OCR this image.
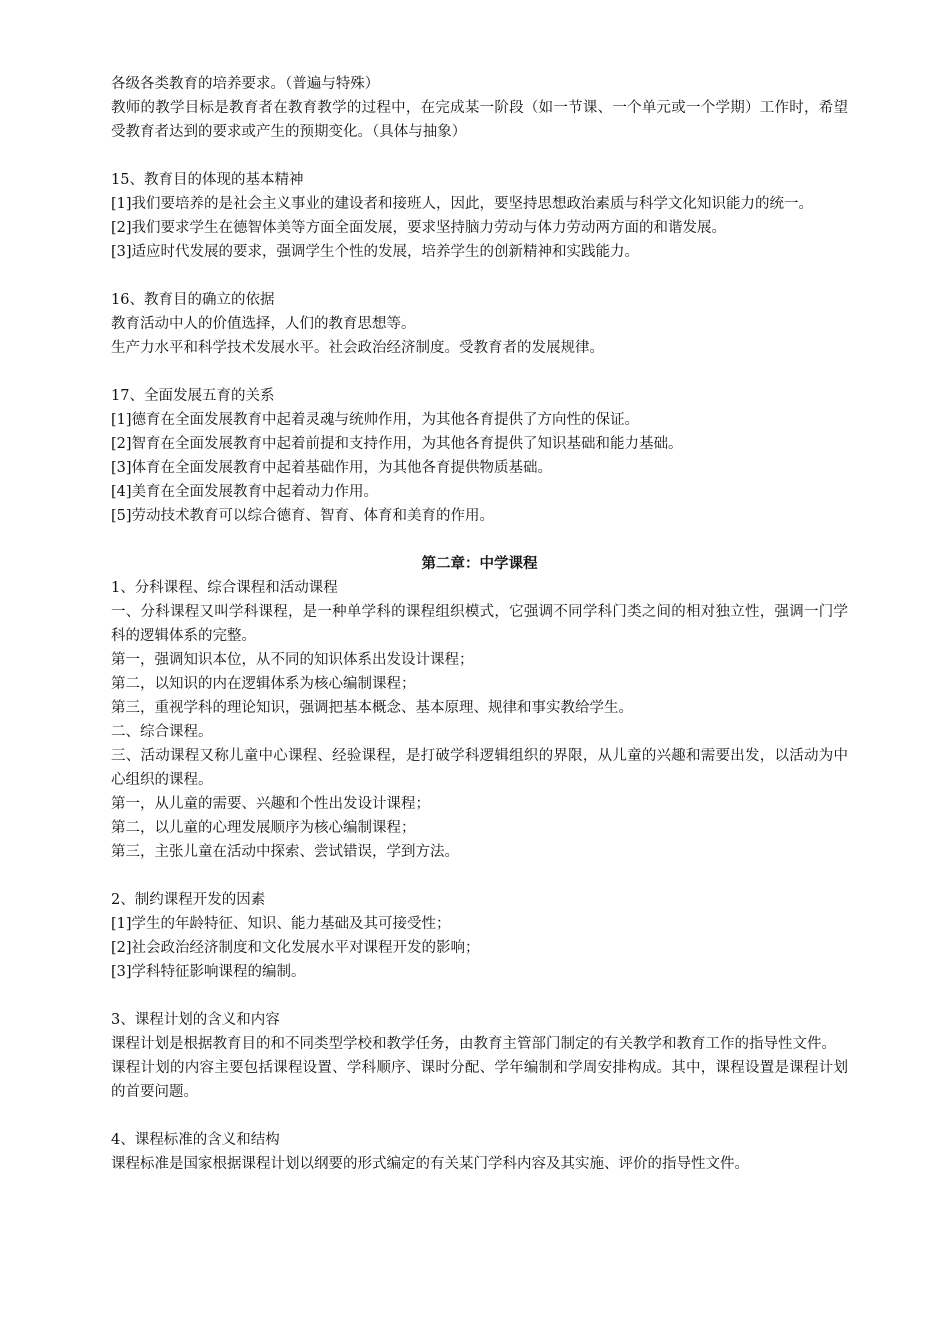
各级各类教育的培养要求。（普遍与特殊）

教师的教学目标是教育者在教育教学的过程中，在完成某一阶段（如一节课、一个单元或一个学期）工作时，希望受教育者达到的要求或产生的预期变化。（具体与抽象）

15、教育目的体现的基本精神

[1]我们要培养的是社会主义事业的建设者和接班人，因此，要坚持思想政治素质与科学文化知识能力的统一。

[2]我们要求学生在德智体美等方面全面发展，要求坚持脑力劳动与体力劳动两方面的和谐发展。

[3]适应时代发展的要求，强调学生个性的发展，培养学生的创新精神和实践能力。

16、教育目的确立的依据

教育活动中人的价值选择，人们的教育思想等。

生产力水平和科学技术发展水平。社会政治经济制度。受教育者的发展规律。

17、全面发展五育的关系

[1]德育在全面发展教育中起着灵魂与统帅作用，为其他各育提供了方向性的保证。

[2]智育在全面发展教育中起着前提和支持作用，为其他各育提供了知识基础和能力基础。

[3]体育在全面发展教育中起着基础作用，为其他各育提供物质基础。

[4]美育在全面发展教育中起着动力作用。

[5]劳动技术教育可以综合德育、智育、体育和美育的作用。

第二章：中学课程

1、分科课程、综合课程和活动课程

一、分科课程又叫学科课程，是一种单学科的课程组织模式，它强调不同学科门类之间的相对独立性，强调一门学科的逻辑体系的完整。

第一，强调知识本位，从不同的知识体系出发设计课程；

第二，以知识的内在逻辑体系为核心编制课程；

第三，重视学科的理论知识，强调把基本概念、基本原理、规律和事实教给学生。

二、综合课程。

三、活动课程又称儿童中心课程、经验课程，是打破学科逻辑组织的界限，从儿童的兴趣和需要出发，以活动为中心组织的课程。

第一，从儿童的需要、兴趣和个性出发设计课程；

第二，以儿童的心理发展顺序为核心编制课程；

第三，主张儿童在活动中探索、尝试错误，学到方法。

2、制约课程开发的因素

[1]学生的年龄特征、知识、能力基础及其可接受性；

[2]社会政治经济制度和文化发展水平对课程开发的影响；

[3]学科特征影响课程的编制。

3、课程计划的含义和内容

课程计划是根据教育目的和不同类型学校和教学任务，由教育主管部门制定的有关教学和教育工作的指导性文件。

课程计划的内容主要包括课程设置、学科顺序、课时分配、学年编制和学周安排构成。其中，课程设置是课程计划的首要问题。

4、课程标准的含义和结构

课程标准是国家根据课程计划以纲要的形式编定的有关某门学科内容及其实施、评价的指导性文件。
